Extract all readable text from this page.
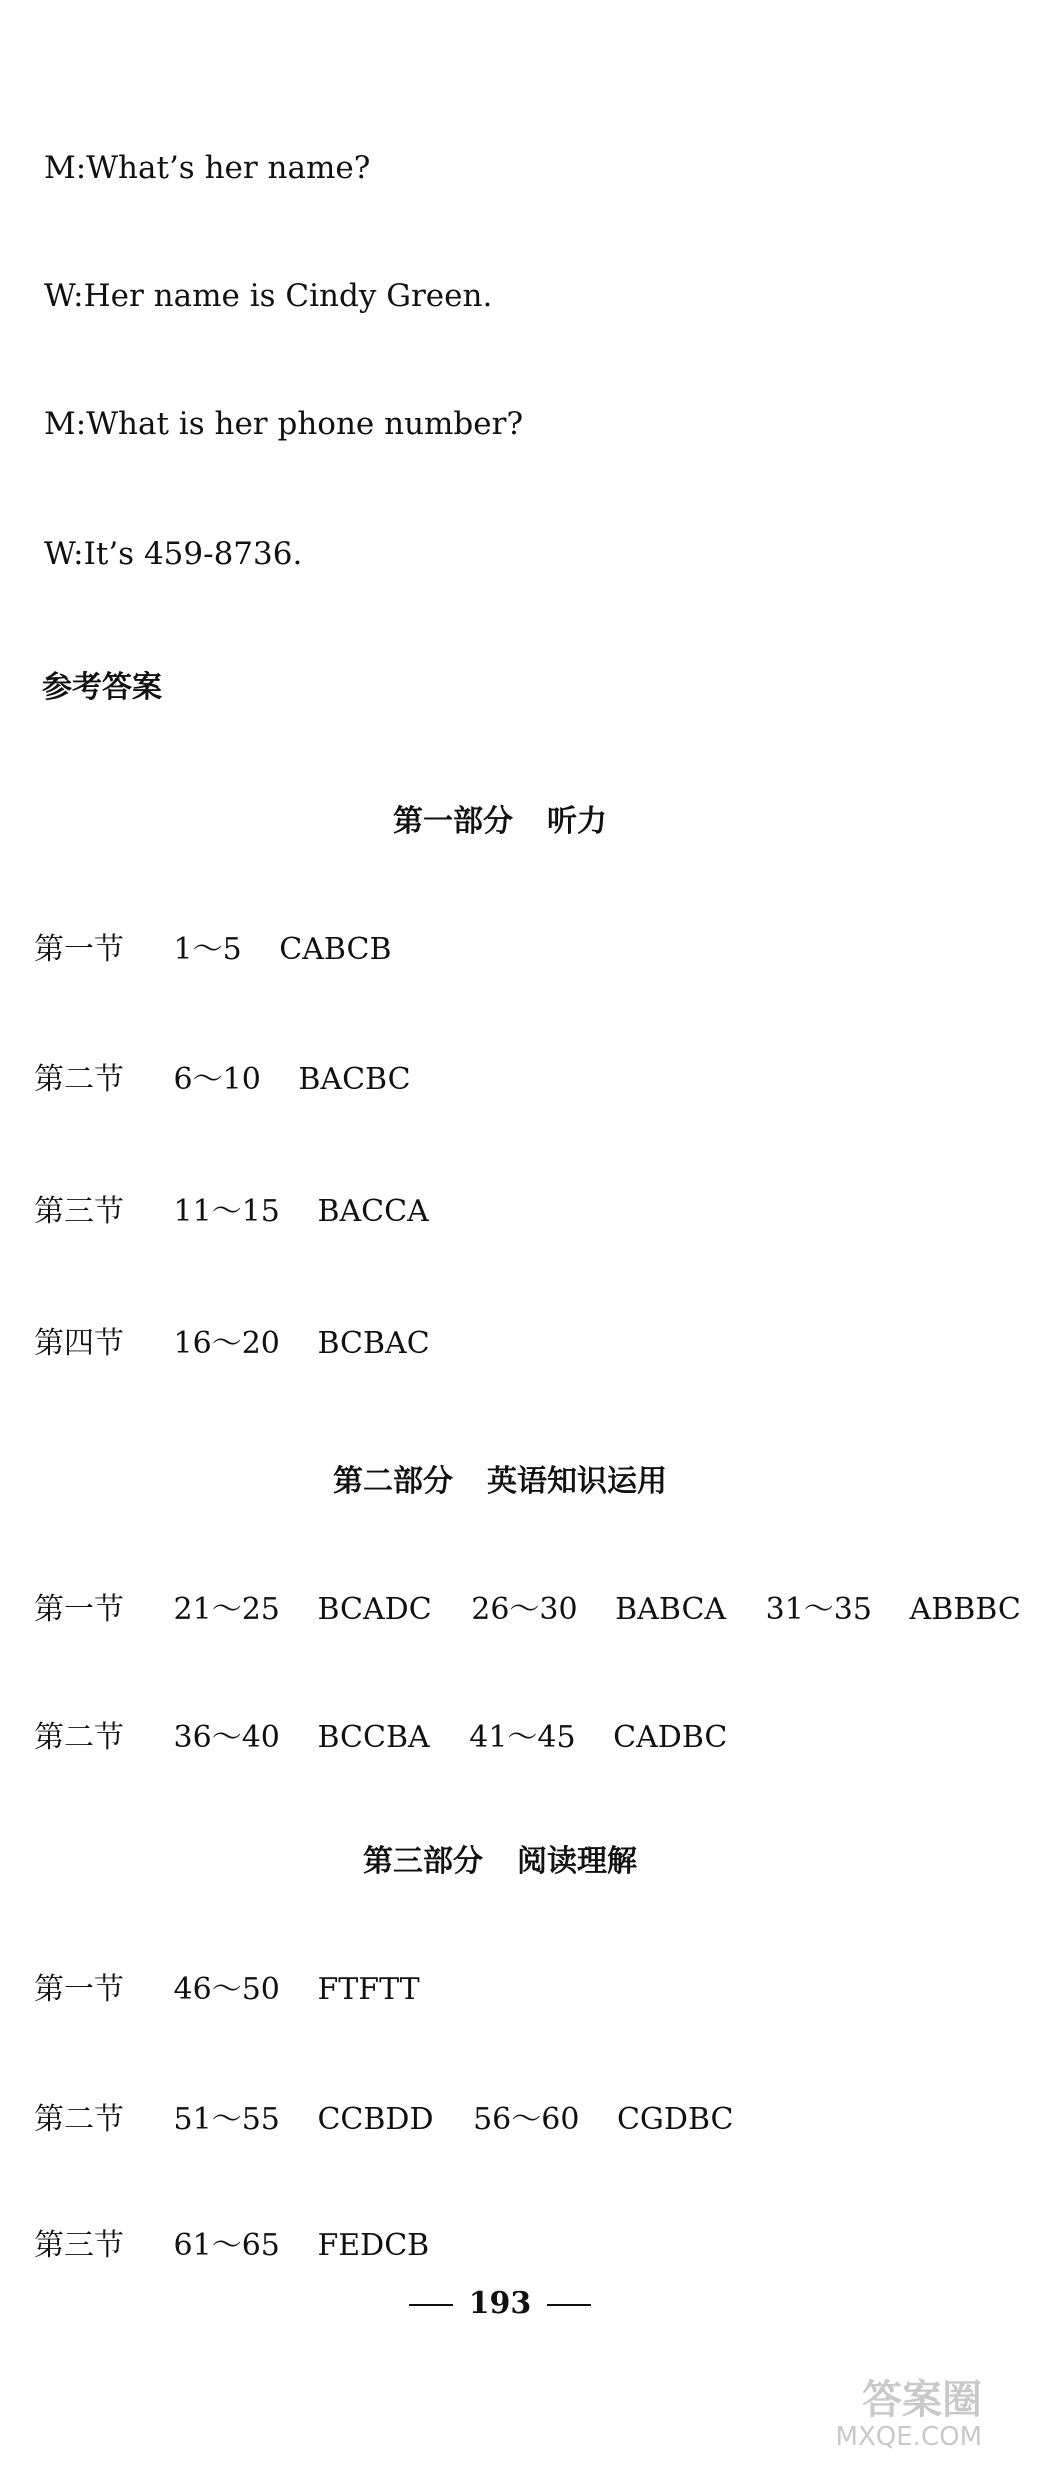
M:What’s her name?
W:Her name is Cindy Green.
M:What is her phone number?
W:It’s 459-8736.
参考答案
第一部分 听力
第一节 1～5 CABCB
第二节 6～10 BACBC
第三节 11～15 BACCA
第四节 16～20 BCBAC
第二部分 英语知识运用
第一节 21～25 BCADC 26～30 BABCA 31～35 ABBBC
第二节 36～40 BCCBA 41～45 CADBC
第三部分 阅读理解
第一节 46～50 FTFTT
第二节 51～55 CCBDD 56～60 CGDBC
第三节 61～65 FEDCB
193
答案圈
MXQE.COM
